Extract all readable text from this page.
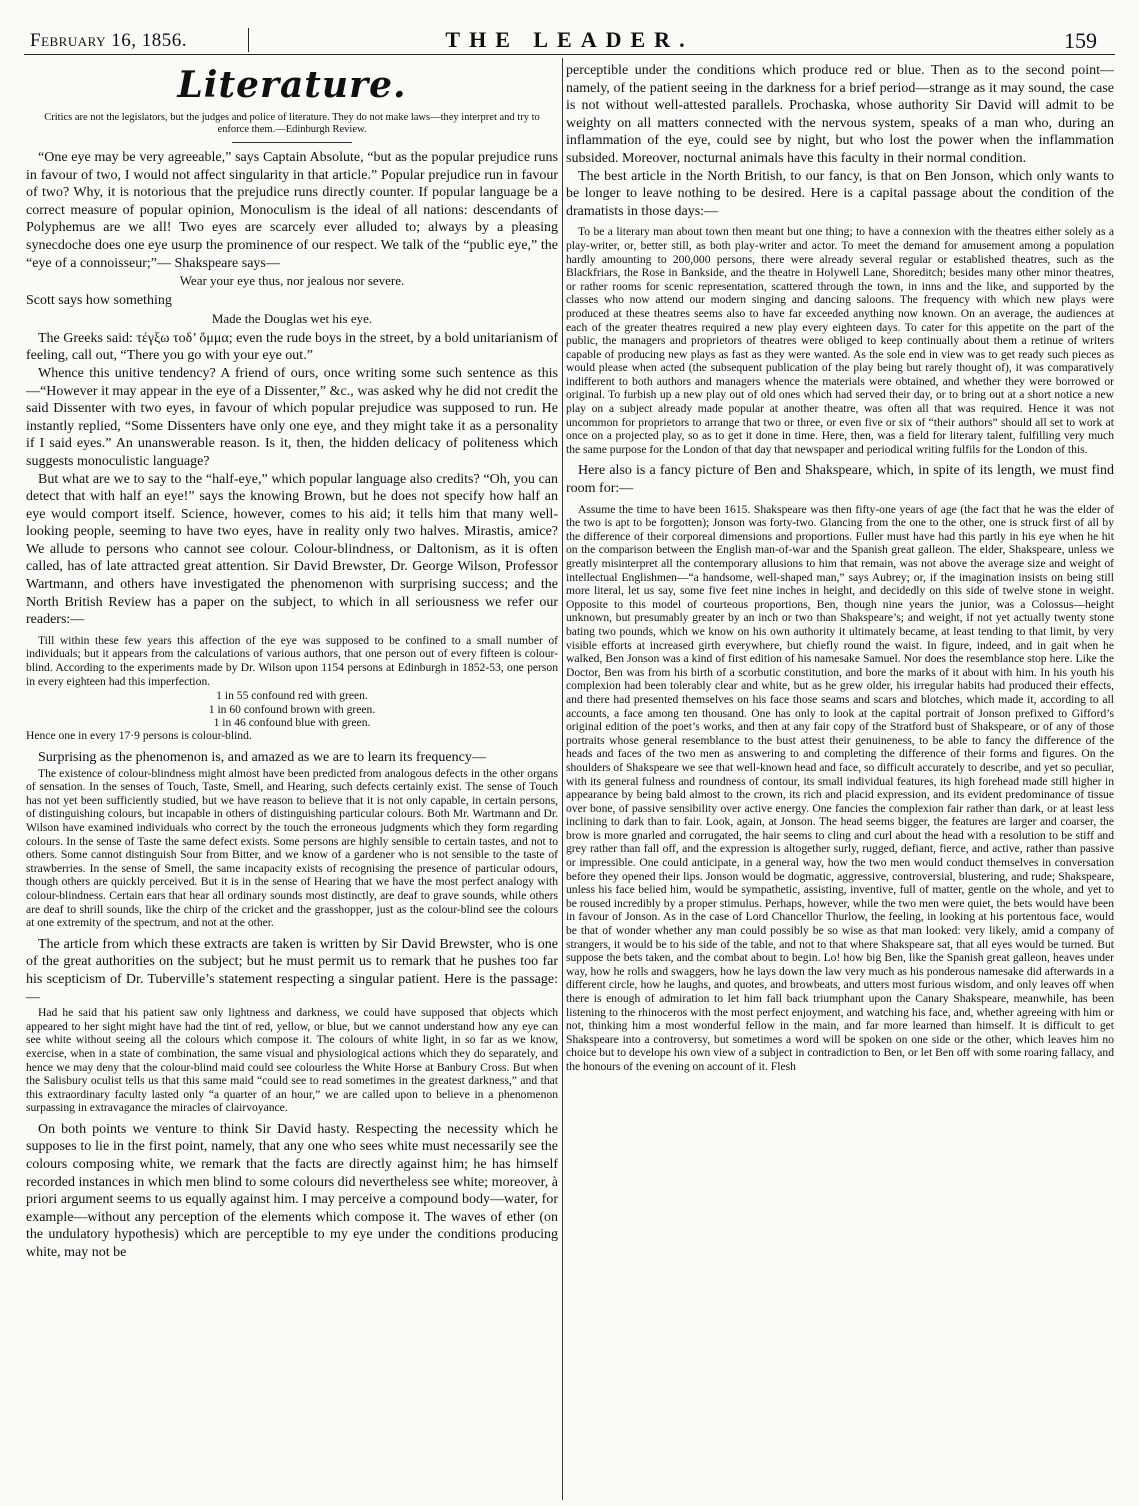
February 16, 1856.	THE LEADER.	159
Literature.
Critics are not the legislators, but the judges and police of literature. They do not make laws—they interpret and try to enforce them.—Edinburgh Review.

“One eye may be very agreeable,” says Captain Absolute, “but as the popular prejudice runs in favour of two, I would not affect singularity in that article.” Popular prejudice run in favour of two? Why, it is notorious that the prejudice runs directly counter. If popular language be a correct measure of popular opinion, Monoculism is the ideal of all nations: descendants of Polyphemus are we all! Two eyes are scarcely ever alluded to; always by a pleasing synecdoche does one eye usurp the prominence of our respect. We talk of the “public eye,” the “eye of a connoisseur;”— Shakspeare says—

Wear your eye thus, nor jealous nor severe.

Scott says how something

Made the Douglas wet his eye.

The Greeks said: τέγξω τοδ’ ὄμμα; even the rude boys in the street, by a bold unitarianism of feeling, call out, “There you go with your eye out.”

Whence this unitive tendency? A friend of ours, once writing some such sentence as this—“However it may appear in the eye of a Dissenter,” &c., was asked why he did not credit the said Dissenter with two eyes, in favour of which popular prejudice was supposed to run. He instantly replied, “Some Dissenters have only one eye, and they might take it as a personality if I said eyes.” An unanswerable reason. Is it, then, the hidden delicacy of politeness which suggests monoculistic language?

But what are we to say to the “half-eye,” which popular language also credits? “Oh, you can detect that with half an eye!” says the knowing Brown, but he does not specify how half an eye would comport itself. Science, however, comes to his aid; it tells him that many well-looking people, seeming to have two eyes, have in reality only two halves. Mirastis, amice? We allude to persons who cannot see colour. Colour-blindness, or Daltonism, as it is often called, has of late attracted great attention. Sir David Brewster, Dr. George Wilson, Professor Wartmann, and others have investigated the phenomenon with surprising success; and the North British Review has a paper on the subject, to which in all seriousness we refer our readers:—

Till within these few years this affection of the eye was supposed to be confined to a small number of individuals; but it appears from the calculations of various authors, that one person out of every fifteen is colour-blind. According to the experiments made by Dr. Wilson upon 1154 persons at Edinburgh in 1852-53, one person in every eighteen had this imperfection.

1 in 55 confound red with green.
1 in 60 confound brown with green.
1 in 46 confound blue with green.

Hence one in every 17·9 persons is colour-blind.

Surprising as the phenomenon is, and amazed as we are to learn its frequency—

The existence of colour-blindness might almost have been predicted from analogous defects in the other organs of sensation. In the senses of Touch, Taste, Smell, and Hearing, such defects certainly exist. The sense of Touch has not yet been sufficiently studied, but we have reason to believe that it is not only capable, in certain persons, of distinguishing colours, but incapable in others of distinguishing particular colours. Both Mr. Wartmann and Dr. Wilson have examined individuals who correct by the touch the erroneous judgments which they form regarding colours. In the sense of Taste the same defect exists. Some persons are highly sensible to certain tastes, and not to others. Some cannot distinguish Sour from Bitter, and we know of a gardener who is not sensible to the taste of strawberries. In the sense of Smell, the same incapacity exists of recognising the presence of particular odours, though others are quickly perceived. But it is in the sense of Hearing that we have the most perfect analogy with colour-blindness. Certain ears that hear all ordinary sounds most distinctly, are deaf to grave sounds, while others are deaf to shrill sounds, like the chirp of the cricket and the grasshopper, just as the colour-blind see the colours at one extremity of the spectrum, and not at the other.

The article from which these extracts are taken is written by Sir David Brewster, who is one of the great authorities on the subject; but he must permit us to remark that he pushes too far his scepticism of Dr. Tuberville’s statement respecting a singular patient. Here is the passage:—

Had he said that his patient saw only lightness and darkness, we could have supposed that objects which appeared to her sight might have had the tint of red, yellow, or blue, but we cannot understand how any eye can see white without seeing all the colours which compose it. The colours of white light, in so far as we know, exercise, when in a state of combination, the same visual and physiological actions which they do separately, and hence we may deny that the colour-blind maid could see colourless the White Horse at Banbury Cross. But when the Salisbury oculist tells us that this same maid “could see to read sometimes in the greatest darkness,” and that this extraordinary faculty lasted only “a quarter of an hour,” we are called upon to believe in a phenomenon surpassing in extravagance the miracles of clairvoyance.

On both points we venture to think Sir David hasty. Respecting the necessity which he supposes to lie in the first point, namely, that any one who sees white must necessarily see the colours composing white, we remark that the facts are directly against him; he has himself recorded instances in which men blind to some colours did nevertheless see white; moreover, à priori argument seems to us equally against him. I may perceive a compound body—water, for example—without any perception of the elements which compose it. The waves of ether (on the undulatory hypothesis) which are perceptible to my eye under the conditions producing white, may not be

perceptible under the conditions which produce red or blue. Then as to the second point—namely, of the patient seeing in the darkness for a brief period—strange as it may sound, the case is not without well-attested parallels. Prochaska, whose authority Sir David will admit to be weighty on all matters connected with the nervous system, speaks of a man who, during an inflammation of the eye, could see by night, but who lost the power when the inflammation subsided. Moreover, nocturnal animals have this faculty in their normal condition.

The best article in the North British, to our fancy, is that on Ben Jonson, which only wants to be longer to leave nothing to be desired. Here is a capital passage about the condition of the dramatists in those days:—

To be a literary man about town then meant but one thing; to have a connexion with the theatres either solely as a play-writer, or, better still, as both play-writer and actor. To meet the demand for amusement among a population hardly amounting to 200,000 persons, there were already several regular or established theatres, such as the Blackfriars, the Rose in Bankside, and the theatre in Holywell Lane, Shoreditch; besides many other minor theatres, or rather rooms for scenic representation, scattered through the town, in inns and the like, and supported by the classes who now attend our modern singing and dancing saloons. The frequency with which new plays were produced at these theatres seems also to have far exceeded anything now known. On an average, the audiences at each of the greater theatres required a new play every eighteen days. To cater for this appetite on the part of the public, the managers and proprietors of theatres were obliged to keep continually about them a retinue of writers capable of producing new plays as fast as they were wanted. As the sole end in view was to get ready such pieces as would please when acted (the subsequent publication of the play being but rarely thought of), it was comparatively indifferent to both authors and managers whence the materials were obtained, and whether they were borrowed or original. To furbish up a new play out of old ones which had served their day, or to bring out at a short notice a new play on a subject already made popular at another theatre, was often all that was required. Hence it was not uncommon for proprietors to arrange that two or three, or even five or six of “their authors” should all set to work at once on a projected play, so as to get it done in time. Here, then, was a field for literary talent, fulfilling very much the same purpose for the London of that day that newspaper and periodical writing fulfils for the London of this.

Here also is a fancy picture of Ben and Shakspeare, which, in spite of its length, we must find room for:—

Assume the time to have been 1615. Shakspeare was then fifty-one years of age (the fact that he was the elder of the two is apt to be forgotten); Jonson was forty-two. Glancing from the one to the other, one is struck first of all by the difference of their corporeal dimensions and proportions. Fuller must have had this partly in his eye when he hit on the comparison between the English man-of-war and the Spanish great galleon. The elder, Shakspeare, unless we greatly misinterpret all the contemporary allusions to him that remain, was not above the average size and weight of intellectual Englishmen—“a handsome, well-shaped man,” says Aubrey; or, if the imagination insists on being still more literal, let us say, some five feet nine inches in height, and decidedly on this side of twelve stone in weight. Opposite to this model of courteous proportions, Ben, though nine years the junior, was a Colossus—height unknown, but presumably greater by an inch or two than Shakspeare’s; and weight, if not yet actually twenty stone bating two pounds, which we know on his own authority it ultimately became, at least tending to that limit, by very visible efforts at increased girth everywhere, but chiefly round the waist. In figure, indeed, and in gait when he walked, Ben Jonson was a kind of first edition of his namesake Samuel. Nor does the resemblance stop here. Like the Doctor, Ben was from his birth of a scorbutic constitution, and bore the marks of it about with him. In his youth his complexion had been tolerably clear and white, but as he grew older, his irregular habits had produced their effects, and there had presented themselves on his face those seams and scars and blotches, which made it, according to all accounts, a face among ten thousand. One has only to look at the capital portrait of Jonson prefixed to Gifford’s original edition of the poet’s works, and then at any fair copy of the Stratford bust of Shakspeare, or of any of those portraits whose general resemblance to the bust attest their genuineness, to be able to fancy the difference of the heads and faces of the two men as answering to and completing the difference of their forms and figures. On the shoulders of Shakspeare we see that well-known head and face, so difficult accurately to describe, and yet so peculiar, with its general fulness and roundness of contour, its small individual features, its high forehead made still higher in appearance by being bald almost to the crown, its rich and placid expression, and its evident predominance of tissue over bone, of passive sensibility over active energy. One fancies the complexion fair rather than dark, or at least less inclining to dark than to fair. Look, again, at Jonson. The head seems bigger, the features are larger and coarser, the brow is more gnarled and corrugated, the hair seems to cling and curl about the head with a resolution to be stiff and grey rather than fall off, and the expression is altogether surly, rugged, defiant, fierce, and active, rather than passive or impressible. One could anticipate, in a general way, how the two men would conduct themselves in conversation before they opened their lips. Jonson would be dogmatic, aggressive, controversial, blustering, and rude; Shakspeare, unless his face belied him, would be sympathetic, assisting, inventive, full of matter, gentle on the whole, and yet to be roused incredibly by a proper stimulus. Perhaps, however, while the two men were quiet, the bets would have been in favour of Jonson. As in the case of Lord Chancellor Thurlow, the feeling, in looking at his portentous face, would be that of wonder whether any man could possibly be so wise as that man looked: very likely, amid a company of strangers, it would be to his side of the table, and not to that where Shakspeare sat, that all eyes would be turned. But suppose the bets taken, and the combat about to begin. Lo! how big Ben, like the Spanish great galleon, heaves under way, how he rolls and swaggers, how he lays down the law very much as his ponderous namesake did afterwards in a different circle, how he laughs, and quotes, and browbeats, and utters most furious wisdom, and only leaves off when there is enough of admiration to let him fall back triumphant upon the Canary Shakspeare, meanwhile, has been listening to the rhinoceros with the most perfect enjoyment, and watching his face, and, whether agreeing with him or not, thinking him a most wonderful fellow in the main, and far more learned than himself. It is difficult to get Shakspeare into a controversy, but sometimes a word will be spoken on one side or the other, which leaves him no choice but to develope his own view of a subject in contradiction to Ben, or let Ben off with some roaring fallacy, and the honours of the evening on account of it. Flesh
